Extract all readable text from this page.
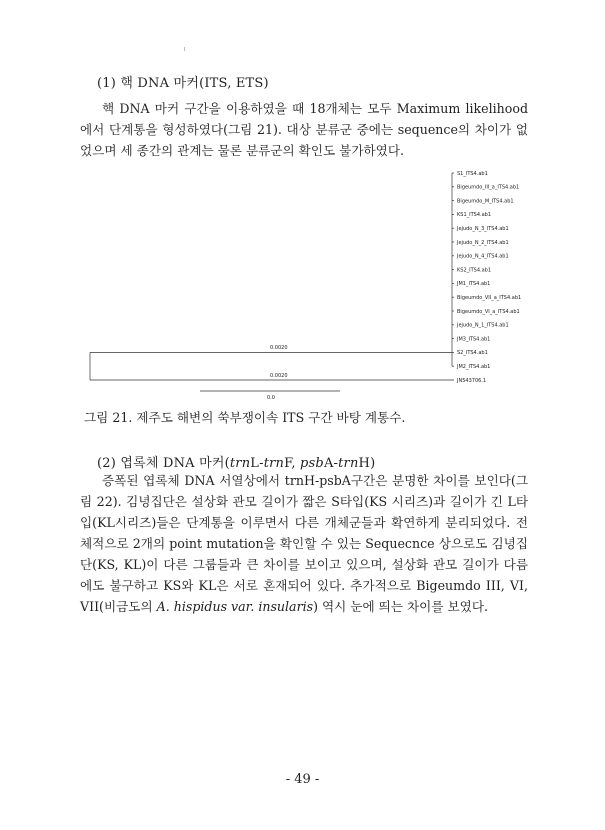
(1) 핵 DNA 마커(ITS, ETS)

핵 DNA 마커 구간을 이용하였을 때 18개체는 모두 Maximum likelihood 에서 단계통을 형성하였다(그림 21). 대상 분류군 중에는 sequence의 차이가 없었으며 세 종간의 관계는 물론 분류군의 확인도 불가하였다.

S1_ITS4.ab1
Bigeumdo_III_a_ITS4.ab1
Bigeumdo_M_ITS4.ab1
KS1_ITS4.ab1
Jejudo_N_3_ITS4.ab1
Jejudo_N_2_ITS4.ab1
Jejudo_N_4_ITS4.ab1
KS2_ITS4.ab1
JM1_ITS4.ab1
Bigeumdo_VII_a_ITS4.ab1
Bigeumdo_VI_a_ITS4.ab1
Jejudo_N_1_ITS4.ab1
JM3_ITS4.ab1
S2_ITS4.ab1
JM2_ITS4.ab1
JN543706.1
0.0020
0.0020
0.0
그림 21. 제주도 해변의 쑥부쟁이속 ITS 구간 바탕 계통수.
(2) 엽록체 DNA 마커(trnL-trnF, psbA-trnH)

증폭된 엽록체 DNA 서열상에서 trnH-psbA구간은 분명한 차이를 보인다(그림 22). 김녕집단은 설상화 관모 길이가 짧은 S타입(KS 시리즈)과 길이가 긴 L타입(KL시리즈)들은 단계통을 이루면서 다른 개체군들과 확연하게 분리되었다. 전체적으로 2개의 point mutation을 확인할 수 있는 Sequecnce 상으로도 김녕집단(KS, KL)이 다른 그룹들과 큰 차이를 보이고 있으며, 설상화 관모 길이가 다름에도 불구하고 KS와 KL은 서로 혼재되어 있다. 추가적으로 Bigeumdo III, VI, VII(비금도의 A. hispidus var. insularis) 역시 눈에 띄는 차이를 보였다.

- 49 -
